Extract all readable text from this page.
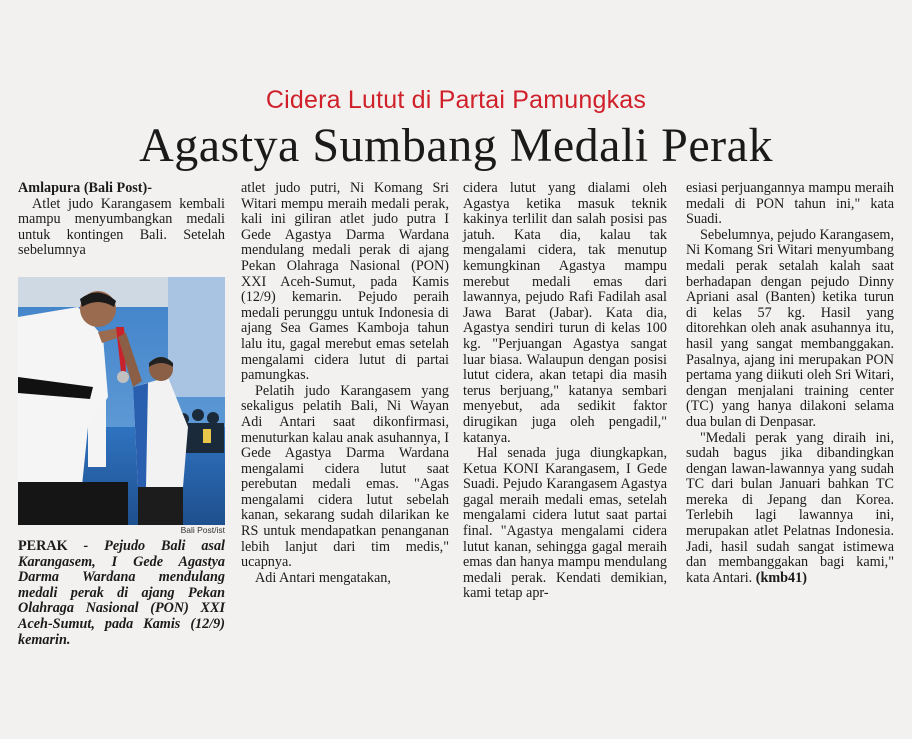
Cidera Lutut di Partai Pamungkas
Agastya Sumbang Medali Perak
Amlapura (Bali Post)-

Atlet judo Karangasem kembali mampu menyumbangkan medali untuk kontingen Bali. Setelah sebelumnya

Bali Post/ist
PERAK - Pejudo Bali asal Karangasem, I Gede Agastya Darma Wardana mendulang medali perak di ajang Pekan Olahraga Nasional (PON) XXI Aceh-Sumut, pada Kamis (12/9) kemarin.

atlet judo putri, Ni Komang Sri Witari mempu meraih medali perak, kali ini giliran atlet judo putra I Gede Agastya Darma Wardana mendulang medali perak di ajang Pekan Olahraga Nasional (PON) XXI Aceh-Sumut, pada Kamis (12/9) kemarin. Pejudo peraih medali perunggu untuk Indonesia di ajang Sea Games Kamboja tahun lalu itu, gagal merebut emas setelah mengalami cidera lutut di partai pamungkas.

Pelatih judo Karangasem yang sekaligus pelatih Bali, Ni Wayan Adi Antari saat dikonfirmasi, menuturkan kalau anak asuhannya, I Gede Agastya Darma Wardana mengalami cidera lutut saat perebutan medali emas. "Agas mengalami cidera lutut sebelah kanan, sekarang sudah dilarikan ke RS untuk mendapatkan penanganan lebih lanjut dari tim medis," ucapnya.

Adi Antari mengatakan,

cidera lutut yang dialami oleh Agastya ketika masuk teknik kakinya terlilit dan salah posisi pas jatuh. Kata dia, kalau tak mengalami cidera, tak menutup kemungkinan Agastya mampu merebut medali emas dari lawannya, pejudo Rafi Fadilah asal Jawa Barat (Jabar). Kata dia, Agastya sendiri turun di kelas 100 kg. "Perjuangan Agastya sangat luar biasa. Walaupun dengan posisi lutut cidera, akan tetapi dia masih terus berjuang," katanya sembari menyebut, ada sedikit faktor dirugikan juga oleh pengadil," katanya.

Hal senada juga diungkapkan, Ketua KONI Karangasem, I Gede Suadi. Pejudo Karangasem Agastya gagal meraih medali emas, setelah mengalami cidera lutut saat partai final. "Agastya mengalami cidera lutut kanan, sehingga gagal meraih emas dan hanya mampu mendulang medali perak. Kendati demikian, kami tetap apr-

esiasi perjuangannya mampu meraih medali di PON tahun ini," kata Suadi.

Sebelumnya, pejudo Karangasem, Ni Komang Sri Witari menyumbang medali perak setalah kalah saat berhadapan dengan pejudo Dinny Apriani asal (Banten) ketika turun di kelas 57 kg. Hasil yang ditorehkan oleh anak asuhannya itu, hasil yang sangat membanggakan. Pasalnya, ajang ini merupakan PON pertama yang diikuti oleh Sri Witari, dengan menjalani training center (TC) yang hanya dilakoni selama dua bulan di Denpasar.

"Medali perak yang diraih ini, sudah bagus jika dibandingkan dengan lawan-lawannya yang sudah TC dari bulan Januari bahkan TC mereka di Jepang dan Korea. Terlebih lagi lawannya ini, merupakan atlet Pelatnas Indonesia. Jadi, hasil sudah sangat istimewa dan membanggakan bagi kami," kata Antari. (kmb41)
